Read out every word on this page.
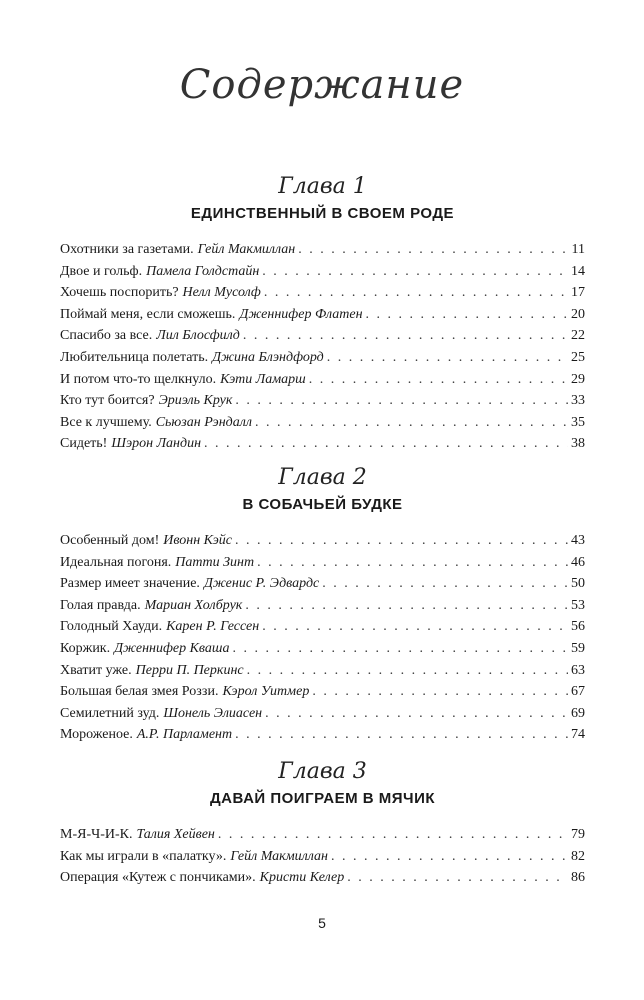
Содержание
Глава 1
ЕДИНСТВЕННЫЙ В СВОЕМ РОДЕ
Охотники за газетами. Гейл Макмиллан . . .	11
Двое и гольф. Памела Голдстайн . . .	14
Хочешь поспорить? Нелл Мусолф . . .	17
Поймай меня, если сможешь. Дженнифер Флатен . . .	20
Спасибо за все. Лил Блосфилд . . .	22
Любительница полетать. Джина Блэндфорд . . .	25
И потом что-то щелкнуло. Кэти Ламарш . . .	29
Кто тут боится? Эриэль Крук . . .	33
Все к лучшему. Сьюзан Рэндалл . . .	35
Сидеть! Шэрон Ландин . . .	38
Глава 2
В СОБАЧЬЕЙ БУДКЕ
Особенный дом! Ивонн Кэйс . . .	43
Идеальная погоня. Патти Зинт . . .	46
Размер имеет значение. Дженис Р. Эдвардс . . .	50
Голая правда. Мариан Холбрук . . .	53
Голодный Хауди. Карен Р. Гессен . . .	56
Коржик. Дженнифер Кваша . . .	59
Хватит уже. Перри П. Перкинс . . .	63
Большая белая змея Роззи. Кэрол Уитмер . . .	67
Семилетний зуд. Шонель Элиасен . . .	69
Мороженое. А.Р. Парламент . . .	74
Глава 3
ДАВАЙ ПОИГРАЕМ В МЯЧИК
М-Я-Ч-И-К. Талия Хейвен . . .	79
Как мы играли в «палатку». Гейл Макмиллан . . .	82
Операция «Кутеж с пончиками». Кристи Келер . . .	86
5
